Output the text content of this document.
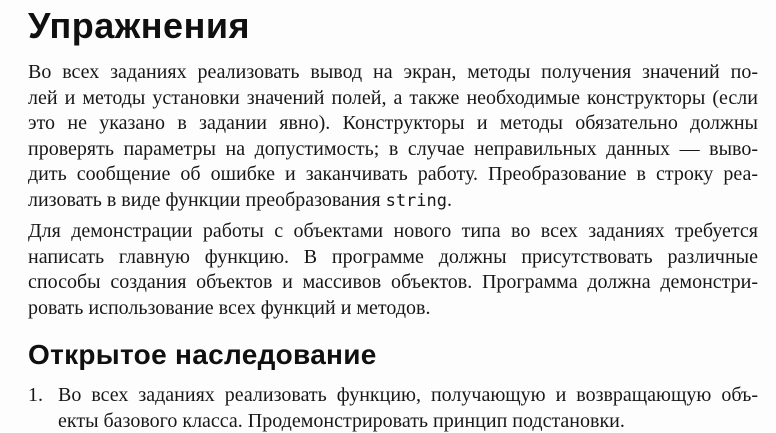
Упражнения
Во всех заданиях реализовать вывод на экран, методы получения значений по-
лей и методы установки значений полей, а также необходимые конструкторы (если
это не указано в задании явно). Конструкторы и методы обязательно должны
проверять параметры на допустимость; в случае неправильных данных — выво-
дить сообщение об ошибке и заканчивать работу. Преобразование в строку реа-
лизовать в виде функции преобразования string.
Для демонстрации работы с объектами нового типа во всех заданиях требуется
написать главную функцию. В программе должны присутствовать различные
способы создания объектов и массивов объектов. Программа должна демонстри-
ровать использование всех функций и методов.
Открытое наследование
1. Во всех заданиях реализовать функцию, получающую и возвращающую объ-
екты базового класса. Продемонстрировать принцип подстановки.
